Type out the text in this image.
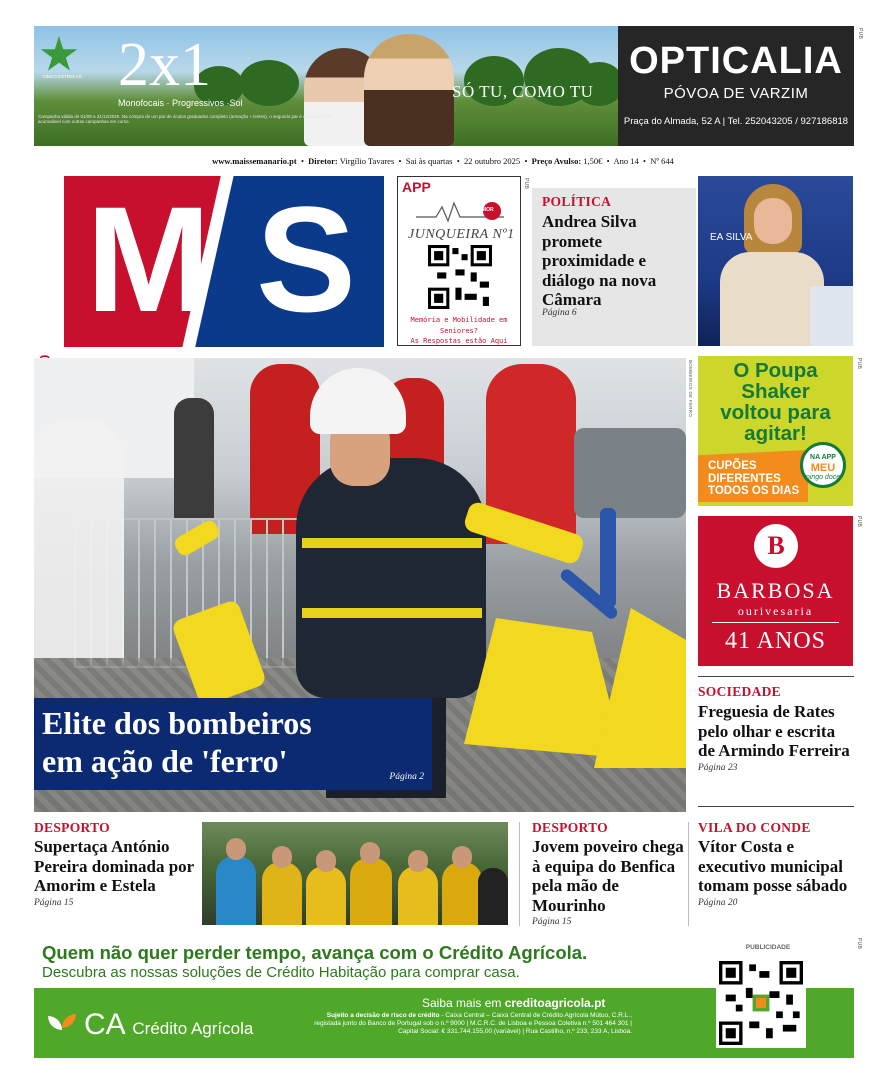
CINCO ESTRELAS 2x1
Monofocais · Progressivos ·Sol
SÓ TU, COMO TU
Campanha válida de 01/09 a 31/12/2025. Na compra de um par de óculos graduados completo (armação + lentes), o segundo par é oferecido. Não acumulável com outras campanhas em curso.
OPTICALIA
PÓVOA DE VARZIM
Praça do Almada, 52 A | Tel. 252043205 / 927186818
PUB
www.maissemanario.pt  •  Diretor: Virgílio Tavares  •  Sai às quartas  •  22 outubro 2025  •  Preço Avulso: 1,50€  •  Ano 14  •  Nº 644
M S	APP
SENIOR
JUNQUEIRA Nº1
Memória e Mobilidade em Seniores?
As Respostas estão Aqui
PUB
POLÍTICA
Andrea Silva promete proximidade e diálogo na nova Câmara
Página 6
EA SILVA
BOMBEIROS DE FERRO
Elite dos bombeiros
em ação de 'ferro'	Página 2
O Poupa
Shaker
voltou para
agitar!
CUPÕES
DIFERENTES
TODOS OS DIAS
NA APP
MEU
pingo doce
PUB
B
BARBOSA
ourivesaria
41 ANOS
PUB
SOCIEDADE
Freguesia de Rates pelo olhar e escrita de Armindo Ferreira
Página 23
DESPORTO
Supertaça António Pereira dominada por Amorim e Estela
Página 15
DESPORTO
Jovem poveiro chega à equipa do Benfica pela mão de Mourinho
Página 15
VILA DO CONDE
Vítor Costa e executivo municipal tomam posse sábado
Página 20
Quem não quer perder tempo, avança com o Crédito Agrícola.
Descubra as nossas soluções de Crédito Habitação para comprar casa.
Saiba mais em creditoagricola.pt
Sujeito a decisão de risco de crédito - Caixa Central – Caixa Central de Crédito Agrícola Mútuo, C.R.L., registada junto do Banco de Portugal sob o n.º 9000 | M.C.R.C. de Lisboa e Pessoa Coletiva n.º 501 464 301 | Capital Social: € 331.744.155,00 (variável) | Rua Castilho, n.º 233, 233 A, Lisboa.
CA Crédito Agrícola
PUBLICIDADE	PUB
